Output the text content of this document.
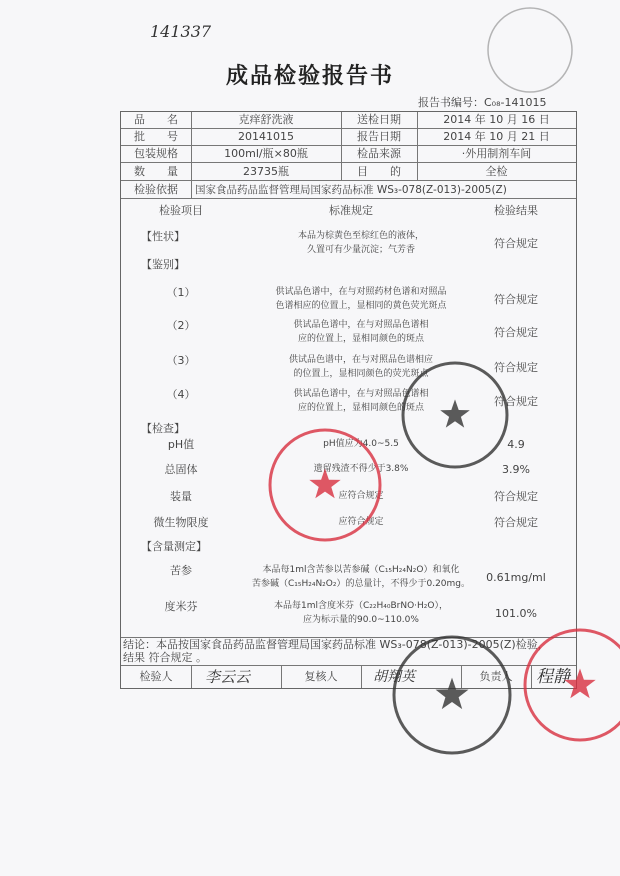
141337
成品检验报告书
报告书编号：C₀₈-141015
品　　名	克痒舒洗液	送检日期	2014 年 10 月 16 日
批　　号	20141015	报告日期	2014 年 10 月 21 日
包装规格	100ml/瓶×80瓶	检品来源	·外用制剂车间
数　　量	23735瓶	目　　的	全检
检验依据	国家食品药品监督管理局国家药品标准 WS₃-078(Z-013)-2005(Z)
检验项目	标准规定	检验结果
【性状】	本品为棕黄色至棕红色的液体，
久置可有少量沉淀；气芳香	符合规定
【鉴别】
（1）	供试品色谱中，在与对照药材色谱和对照品
色谱相应的位置上，显相同的黄色荧光斑点	符合规定
（2）	供试品色谱中，在与对照品色谱相
应的位置上，显相同颜色的斑点	符合规定
（3）	供试品色谱中，在与对照品色谱相应
的位置上，显相同颜色的荧光斑点	符合规定
（4）	供试品色谱中，在与对照品色谱相
应的位置上，显相同颜色的斑点	符合规定
【检查】
pH值	pH值应为4.0~5.5	4.9
总固体	遗留残渣不得少于3.8%	3.9%
装量	应符合规定	符合规定
微生物限度	应符合规定	符合规定
【含量测定】
苦参	本品每1ml含苦参以苦参碱（C₁₅H₂₄N₂O）和氧化
苦参碱（C₁₅H₂₄N₂O₂）的总量计，不得少于0.20mg。	0.61mg/ml
度米芬	本品每1ml含度米芬（C₂₂H₄₀BrNO·H₂O），
应为标示量的90.0~110.0%	101.0%
结论：本品按国家食品药品监督管理局国家药品标准 WS₃-078(Z-013)-2005(Z)检验，
结果 符合规定 。
检验人	李云云	复核人	胡翔英	负责人	程静
